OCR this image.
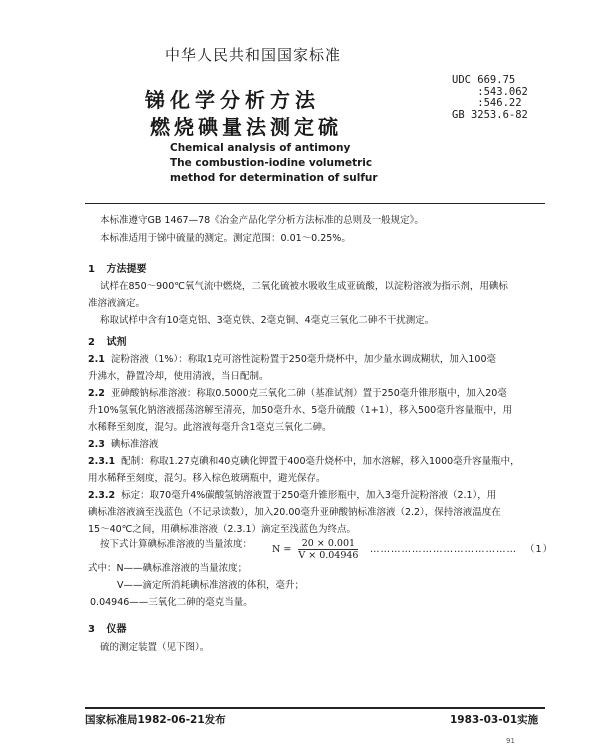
中华人民共和国国家标准
锑化学分析方法
燃烧碘量法测定硫
Chemical analysis of antimony
The combustion-iodine volumetric
method for determination of sulfur
UDC 669.75
:543.062
:546.22
GB 3253.6-82
本标准遵守GB 1467—78《冶金产品化学分析方法标准的总则及一般规定》。
本标准适用于锑中硫量的测定。测定范围：0.01～0.25%。
1 方法提要
试样在850～900℃氧气流中燃烧，二氧化硫被水吸收生成亚硫酸，以淀粉溶液为指示剂，用碘标
准溶液滴定。
称取试样中含有10毫克铝、3毫克铁、2毫克铜、4毫克三氧化二砷不干扰测定。
2 试剂
2.1 淀粉溶液（1%）：称取1克可溶性淀粉置于250毫升烧杯中，加少量水调成糊状，加入100毫
升沸水，静置冷却，使用清液，当日配制。
2.2 亚砷酸钠标准溶液：称取0.5000克三氧化二砷（基准试剂）置于250毫升锥形瓶中，加入20毫
升10%氢氧化钠溶液摇荡溶解至清亮，加50毫升水、5毫升硫酸（1+1），移入500毫升容量瓶中，用
水稀释至刻度，混匀。此溶液每毫升含1毫克三氧化二砷。
2.3 碘标准溶液
2.3.1 配制：称取1.27克碘和40克碘化钾置于400毫升烧杯中，加水溶解，移入1000毫升容量瓶中，
用水稀释至刻度，混匀。移入棕色玻璃瓶中，避光保存。
2.3.2 标定：取70毫升4%碳酸氢钠溶液置于250毫升锥形瓶中，加入3毫升淀粉溶液（2.1），用
碘标准溶液滴至浅蓝色（不记录读数），加入20.00毫升亚砷酸钠标准溶液（2.2），保持溶液温度在
15～40℃之间，用碘标准溶液（2.3.1）滴定至浅蓝色为终点。
按下式计算碘标准溶液的当量浓度： $N = \frac{20 \times 0.001}{V \times 0.04946}$ …………………………………… （1）
式中：N——碘标准溶液的当量浓度；
V——滴定所消耗碘标准溶液的体积，毫升；
0.04946——三氧化二砷的毫克当量。
3 仪器
硫的测定装置（见下图）。
国家标准局1982-06-21发布	1983-03-01实施
91
